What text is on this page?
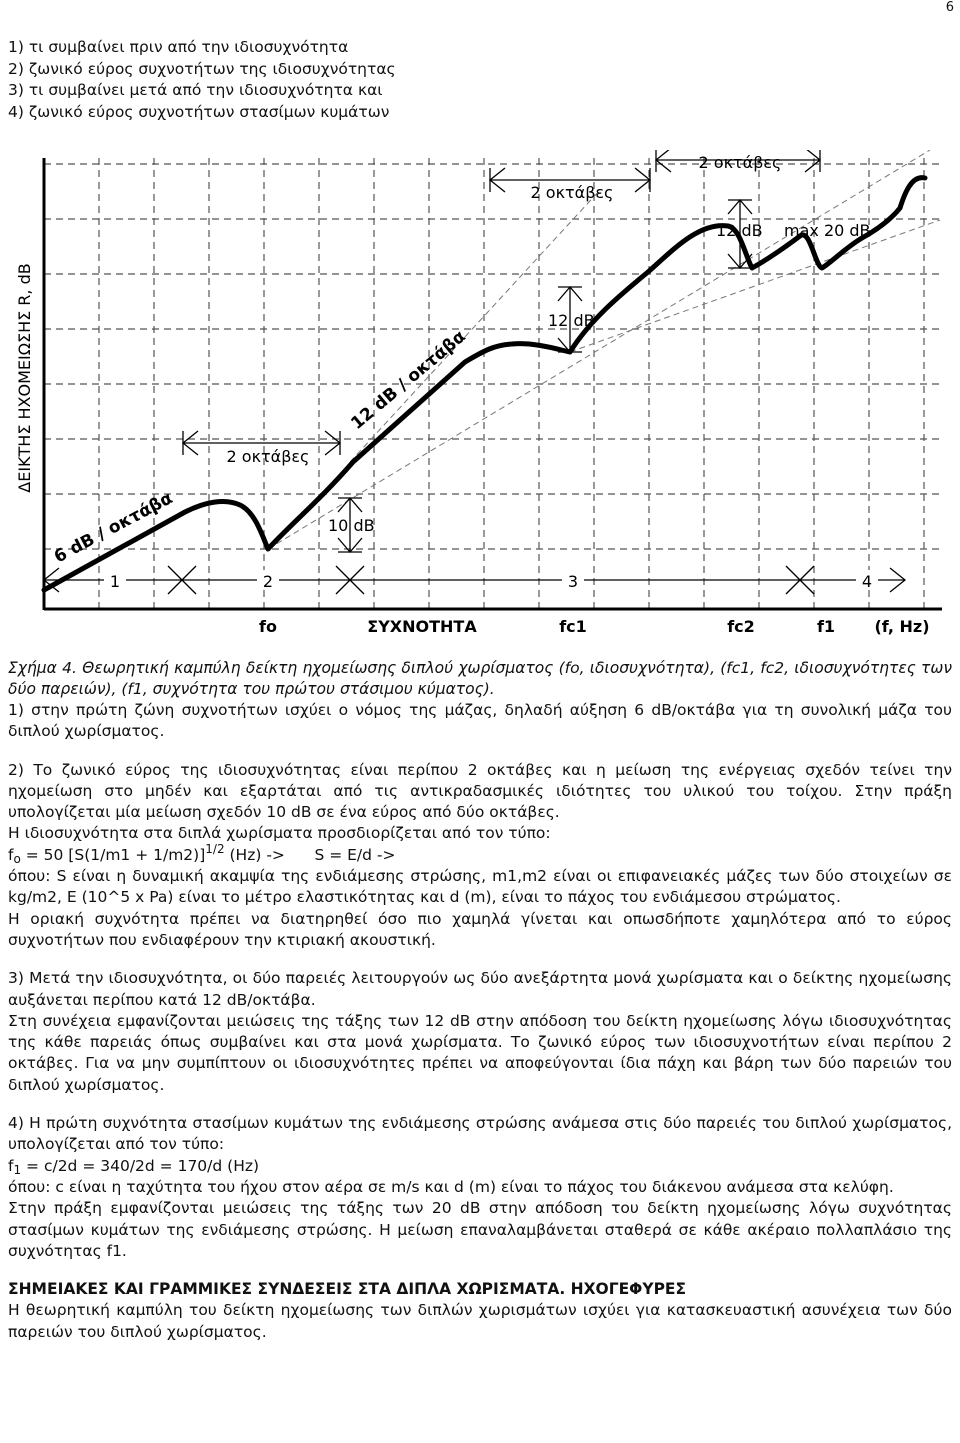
6
1) τι συμβαίνει πριν από την ιδιοσυχνότητα
2) ζωνικό εύρος συχνοτήτων της ιδιοσυχνότητας
3) τι συμβαίνει μετά από την ιδιοσυχνότητα και
4) ζωνικό εύρος συχνοτήτων στασίμων κυμάτων
ΔΕΙΚΤΗΣ ΗΧΟΜΕΙΩΣΗΣ R, dB
6 dB / οκτάβα
12 dB / οκτάβα
2 οκτάβες
2 οκτάβες
2 οκτάβες
10 dB
12 dB
12 dB max 20 dB
1	2	3	4
fo	ΣΥΧΝΟΤΗΤΑ	fc1	fc2	f1 (f, Hz)
Σχήμα 4. Θεωρητική καμπύλη δείκτη ηχομείωσης διπλού χωρίσματος (fo, ιδιοσυχνότητα), (fc1, fc2, ιδιοσυχνότητες των δύο παρειών), (f1, συχνότητα του πρώτου στάσιμου κύματος).

1) στην πρώτη ζώνη συχνοτήτων ισχύει ο νόμος της μάζας, δηλαδή αύξηση 6 dB/οκτάβα για τη συνολική μάζα του διπλού χωρίσματος.

2) Το ζωνικό εύρος της ιδιοσυχνότητας είναι περίπου 2 οκτάβες και η μείωση της ενέργειας σχεδόν τείνει την ηχομείωση στο μηδέν και εξαρτάται από τις αντικραδασμικές ιδιότητες του υλικού του τοίχου. Στην πράξη υπολογίζεται μία μείωση σχεδόν 10 dB σε ένα εύρος από δύο οκτάβες.

Η ιδιοσυχνότητα στα διπλά χωρίσματα προσδιορίζεται από τον τύπο:

$f_o = 50$ $[S(1/m1 + 1/m2)]^{1/2}$ (Hz) ->      S = E/d ->

όπου: S είναι η δυναμική ακαμψία της ενδιάμεσης στρώσης, m1,m2 είναι οι επιφανειακές μάζες των δύο στοιχείων σε kg/m2, E (10^5 x Pa) είναι το μέτρο ελαστικότητας και d (m), είναι το πάχος του ενδιάμεσου στρώματος.

Η οριακή συχνότητα πρέπει να διατηρηθεί όσο πιο χαμηλά γίνεται και οπωσδήποτε χαμηλότερα από το εύρος συχνοτήτων που ενδιαφέρουν την κτιριακή ακουστική.

3) Μετά την ιδιοσυχνότητα, οι δύο παρειές λειτουργούν ως δύο ανεξάρτητα μονά χωρίσματα και ο δείκτης ηχομείωσης αυξάνεται περίπου κατά 12 dB/οκτάβα.

Στη συνέχεια εμφανίζονται μειώσεις της τάξης των 12 dB στην απόδοση του δείκτη ηχομείωσης λόγω ιδιοσυχνότητας της κάθε παρειάς όπως συμβαίνει και στα μονά χωρίσματα. Το ζωνικό εύρος των ιδιοσυχνοτήτων είναι περίπου 2 οκτάβες. Για να μην συμπίπτουν οι ιδιοσυχνότητες πρέπει να αποφεύγονται ίδια πάχη και βάρη των δύο παρειών του διπλού χωρίσματος.

4) Η πρώτη συχνότητα στασίμων κυμάτων της ενδιάμεσης στρώσης ανάμεσα στις δύο παρειές του διπλού χωρίσματος, υπολογίζεται από τον τύπο:

$f_1 = c/2d = 340/2d = 170/d$ (Hz)

όπου: c είναι η ταχύτητα του ήχου στον αέρα σε m/s και d (m) είναι το πάχος του διάκενου ανάμεσα στα κελύφη.

Στην πράξη εμφανίζονται μειώσεις της τάξης των 20 dB στην απόδοση του δείκτη ηχομείωσης λόγω συχνότητας στασίμων κυμάτων της ενδιάμεσης στρώσης. Η μείωση επαναλαμβάνεται σταθερά σε κάθε ακέραιο πολλαπλάσιο της συχνότητας f1.

ΣΗΜΕΙΑΚΕΣ ΚΑΙ ΓΡΑΜΜΙΚΕΣ ΣΥΝΔΕΣΕΙΣ ΣΤΑ ΔΙΠΛΑ ΧΩΡΙΣΜΑΤΑ. ΗΧΟΓΕΦΥΡΕΣ

Η θεωρητική καμπύλη του δείκτη ηχομείωσης των διπλών χωρισμάτων ισχύει για κατασκευαστική ασυνέχεια των δύο παρειών του διπλού χωρίσματος.
